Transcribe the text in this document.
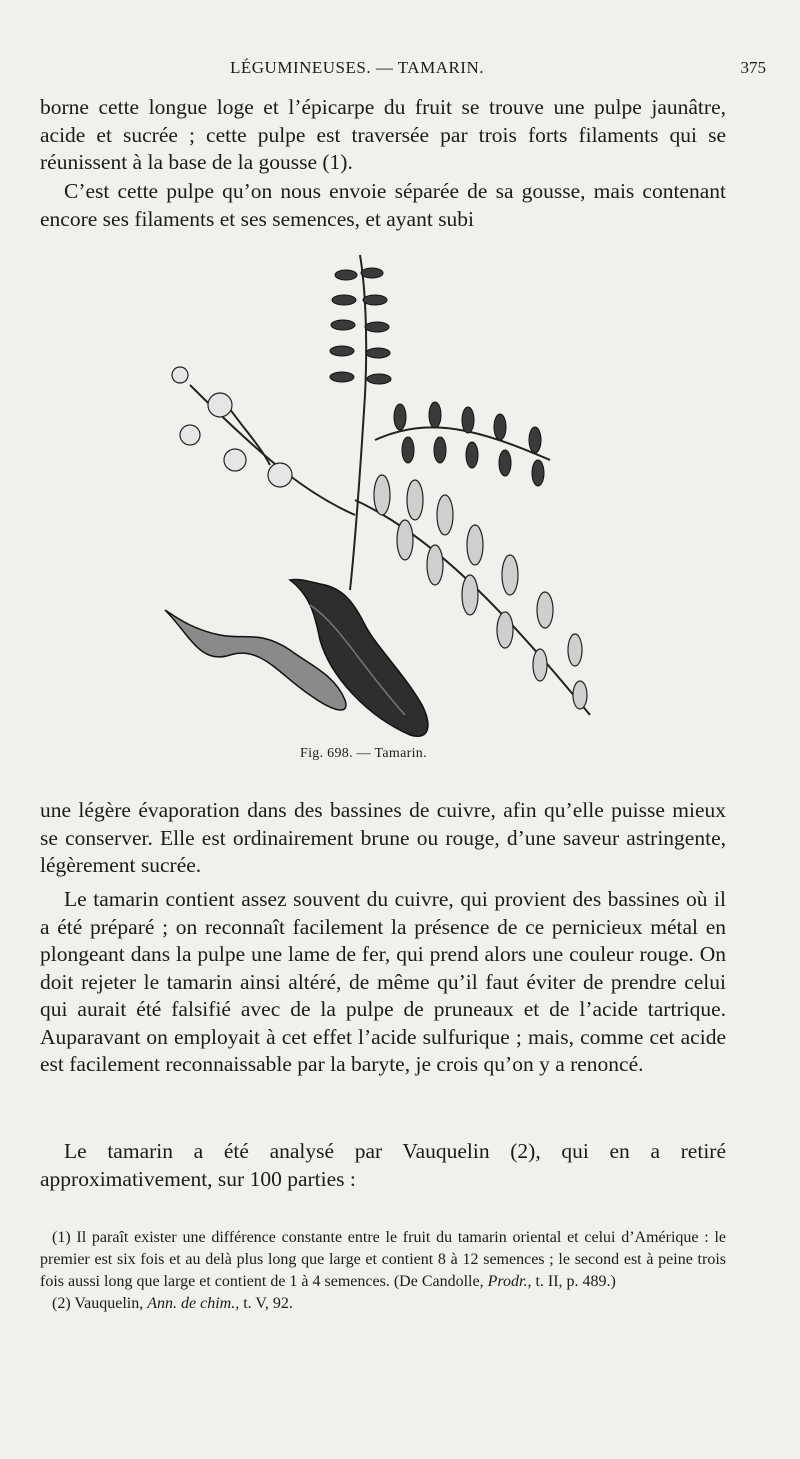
LÉGUMINEUSES. — TAMARIN.	375

borne cette longue loge et l’épicarpe du fruit se trouve une pulpe jaunâtre, acide et sucrée ; cette pulpe est traversée par trois forts filaments qui se réunissent à la base de la gousse (1).

C’est cette pulpe qu’on nous envoie séparée de sa gousse, mais contenant encore ses filaments et ses semences, et ayant subi

Fig. 698. — Tamarin.

une légère évaporation dans des bassines de cuivre, afin qu’elle puisse mieux se conserver. Elle est ordinairement brune ou rouge, d’une saveur astringente, légèrement sucrée.

Le tamarin contient assez souvent du cuivre, qui provient des bassines où il a été préparé ; on reconnaît facilement la présence de ce pernicieux métal en plongeant dans la pulpe une lame de fer, qui prend alors une couleur rouge. On doit rejeter le tamarin ainsi altéré, de même qu’il faut éviter de prendre celui qui aurait été falsifié avec de la pulpe de pruneaux et de l’acide tartrique. Auparavant on employait à cet effet l’acide sulfurique ; mais, comme cet acide est facilement reconnaissable par la baryte, je crois qu’on y a renoncé.

Le tamarin a été analysé par Vauquelin (2), qui en a retiré approximativement, sur 100 parties :

(1) Il paraît exister une différence constante entre le fruit du tamarin oriental et celui d’Amérique : le premier est six fois et au delà plus long que large et contient 8 à 12 semences ; le second est à peine trois fois aussi long que large et contient de 1 à 4 semences. (De Candolle, Prodr., t. II, p. 489.)

(2) Vauquelin, Ann. de chim., t. V, 92.
